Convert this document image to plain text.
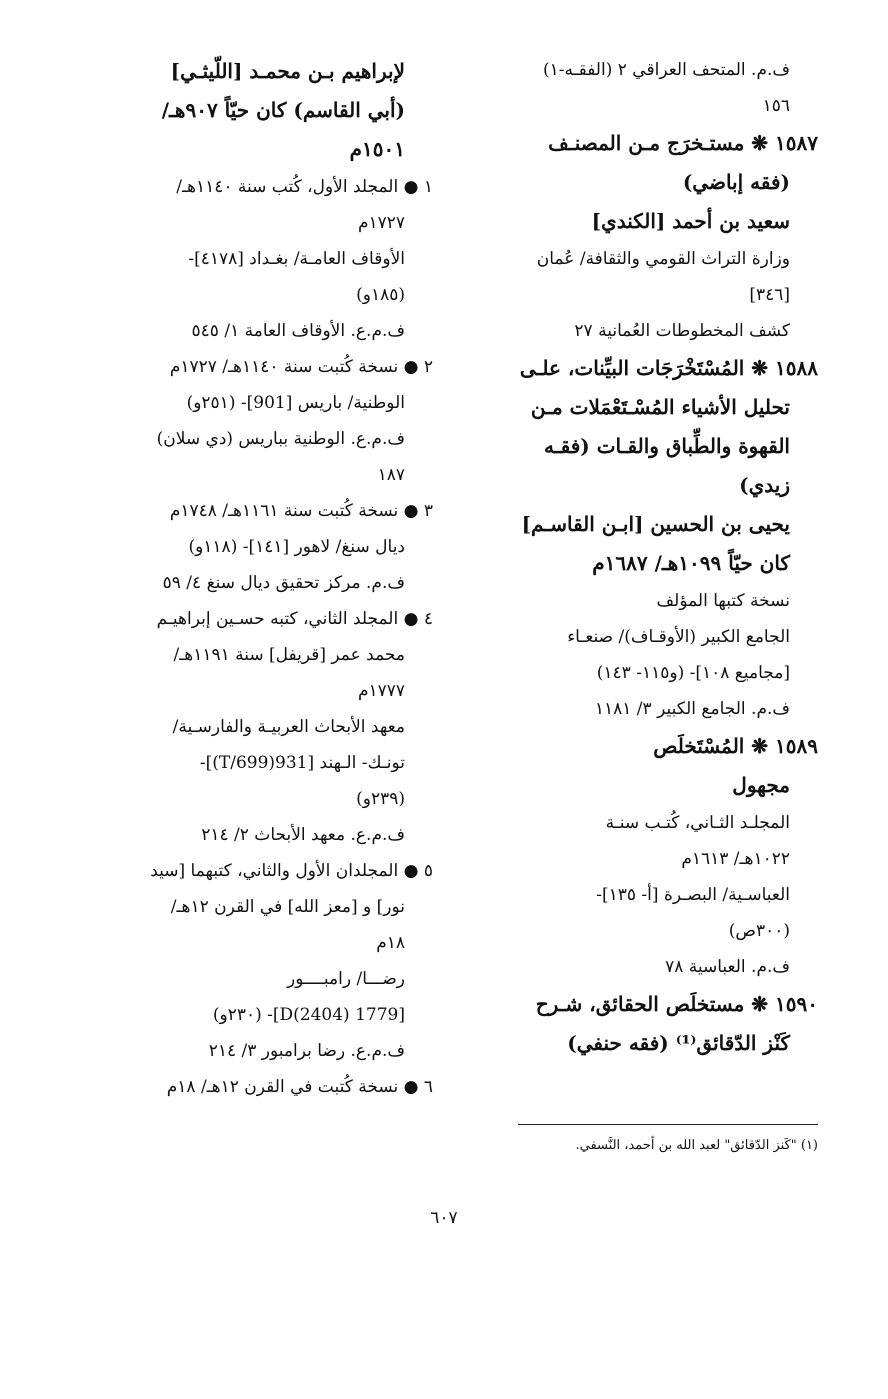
ف.م. المتحف العراقي ٢ (الفقـه-١)
١٥٦
١٥٨٧ ❋ مستـخرَج مـن المصنـف
(فقه إباضي)
سعيد بن أحمد [الكندي]
وزارة التراث القومي والثقافة/ عُمان
[٣٤٦]
كشف المخطوطات العُمانية ٢٧
١٥٨٨ ❋ المُسْتَخْرَجَات البيِّنات، علـى
تحليل الأشياء المُسْـتَعْمَلات مـن
القهوة والطِّباق والقـات (فقـه
زيدي)
يحيى بن الحسين [ابـن القاسـم]
كان حيّاً ١٠٩٩هـ/ ١٦٨٧م
نسخة كتبها المؤلف
الجامع الكبير (الأوقـاف)/ صنعـاء
[مجاميع ١٠٨]- (و١١٥- ١٤٣)
ف.م. الجامع الكبير ٣/ ١١٨١
١٥٨٩ ❋ المُسْتَخلَص
مجهول
المجلـد الثـاني، كُتـب سنـة
١٠٢٢هـ/ ١٦١٣م
العباسـية/ البصـرة [أ- ١٣٥]-
(٣٠٠ص)
ف.م. العباسية ٧٨
١٥٩٠ ❋ مستخلَص الحقائق، شـرح
كَنْز الدّقائق⁽¹⁾ (فقه حنفي)
لإبراهيم بـن محمـد [اللّيثـي]
(أبي القاسم) كان حيّاً ٩٠٧هـ/
١٥٠١م
١ ● المجلد الأول، كُتب سنة ١١٤٠هـ/
١٧٢٧م
الأوقاف العامـة/ بغـداد [٤١٧٨]-
(١٨٥و)
ف.م.ع. الأوقاف العامة ١/ ٥٤٥
٢ ● نسخة كُتبت سنة ١١٤٠هـ/ ١٧٢٧م
الوطنية/ باريس [901]- (٢٥١و)
ف.م.ع. الوطنية بباريس (دي سلان)
١٨٧
٣ ● نسخة كُتبت سنة ١١٦١هـ/ ١٧٤٨م
ديال سنغ/ لاهور [١٤١]- (١١٨و)
ف.م. مركز تحقيق ديال سنغ ٤/ ٥٩
٤ ● المجلد الثاني، كتبه حسـين إبراهيـم
محمد عمر [قريفل] سنة ١١٩١هـ/
١٧٧٧م
معهد الأبحاث العربيـة والفارسـية/
تونـك- الـهند [931(T/699)]-
(٢٣٩و)
ف.م.ع. معهد الأبحاث ٢/ ٢١٤
٥ ● المجلدان الأول والثاني، كتبهما [سيد
نور] و [معز الله] في القرن ١٢هـ/
١٨م
رضـــا/ رامبــــور
[1779 D(2404)]- (٢٣٠و)
ف.م.ع. رضا برامبور ٣/ ٢١٤
٦ ● نسخة كُتبت في القرن ١٢هـ/ ١٨م
(١) "كَنز الدّقائق" لعبد الله بن أحمد، النَّسفي.
٦٠٧
